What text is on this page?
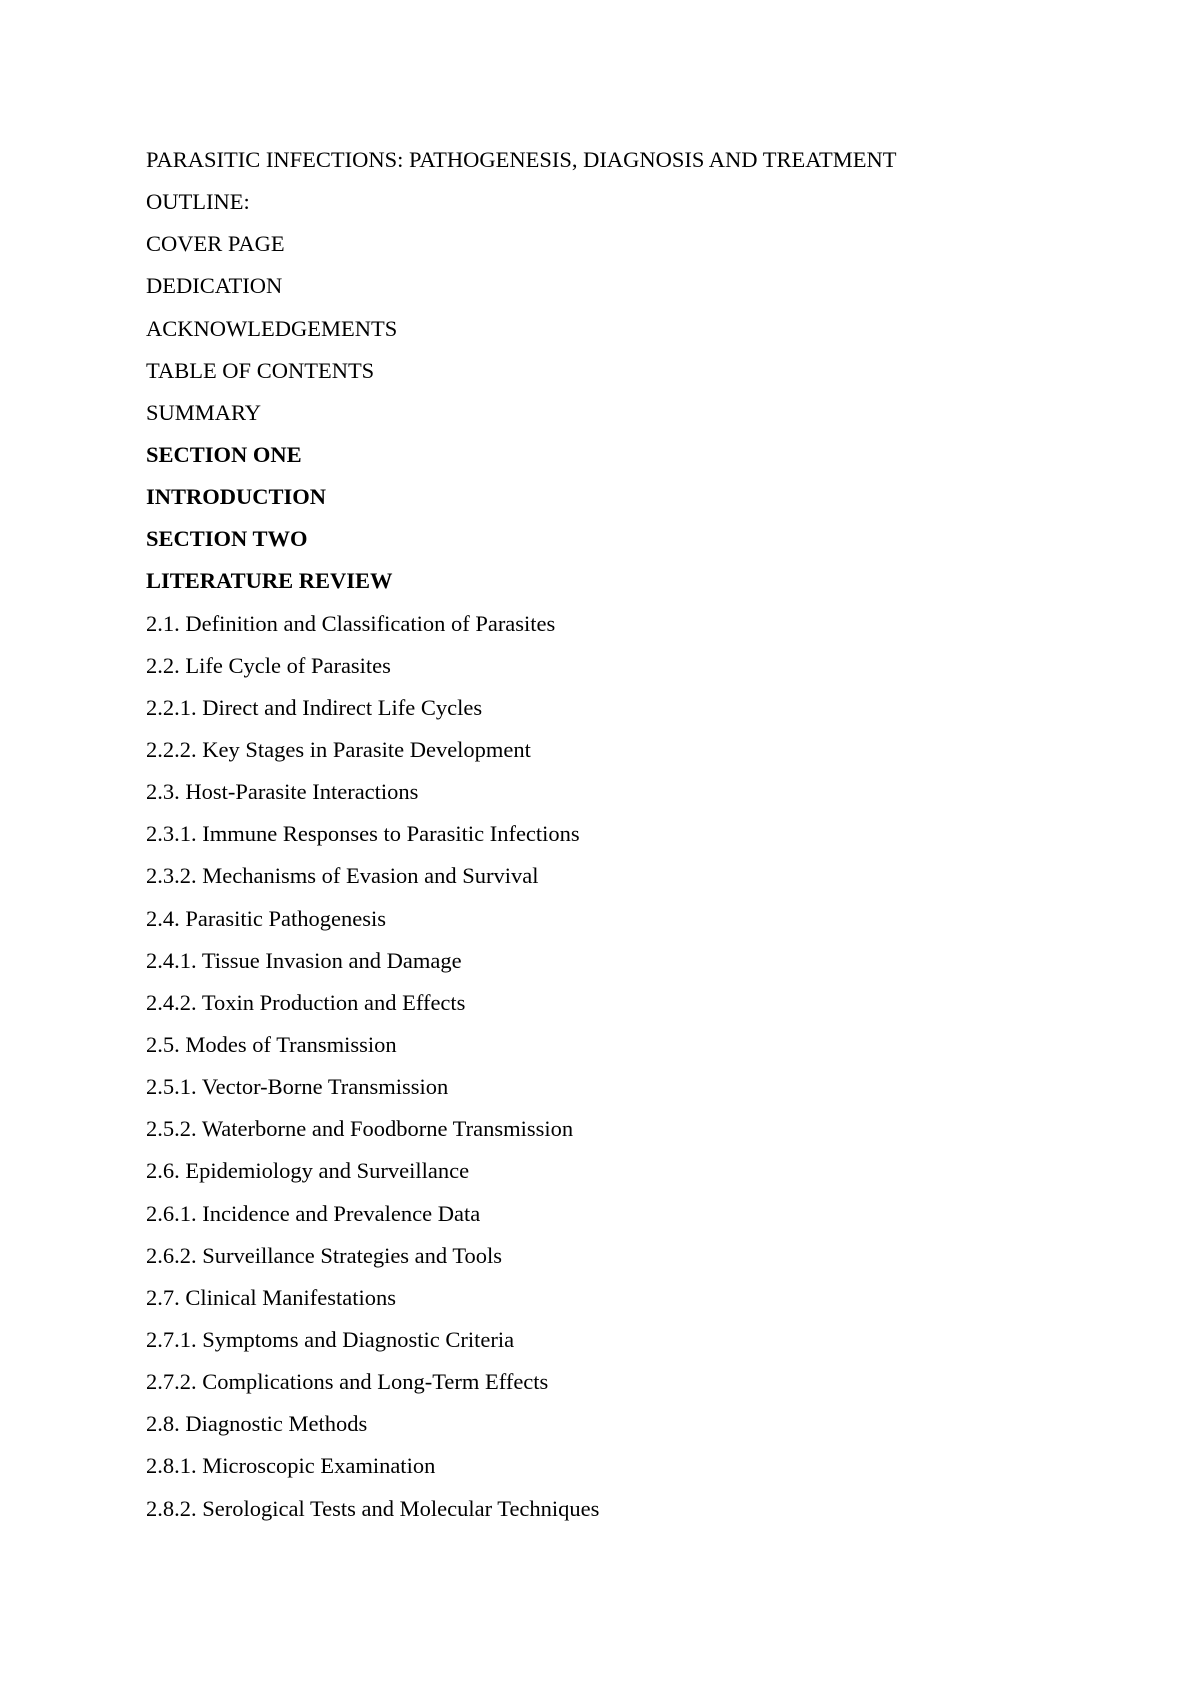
PARASITIC INFECTIONS: PATHOGENESIS, DIAGNOSIS AND TREATMENT
OUTLINE:
COVER PAGE
DEDICATION
ACKNOWLEDGEMENTS
TABLE OF CONTENTS
SUMMARY
SECTION ONE
INTRODUCTION
SECTION TWO
LITERATURE REVIEW
2.1. Definition and Classification of Parasites
2.2. Life Cycle of Parasites
2.2.1. Direct and Indirect Life Cycles
2.2.2. Key Stages in Parasite Development
2.3. Host-Parasite Interactions
2.3.1. Immune Responses to Parasitic Infections
2.3.2. Mechanisms of Evasion and Survival
2.4. Parasitic Pathogenesis
2.4.1. Tissue Invasion and Damage
2.4.2. Toxin Production and Effects
2.5. Modes of Transmission
2.5.1. Vector-Borne Transmission
2.5.2. Waterborne and Foodborne Transmission
2.6. Epidemiology and Surveillance
2.6.1. Incidence and Prevalence Data
2.6.2. Surveillance Strategies and Tools
2.7. Clinical Manifestations
2.7.1. Symptoms and Diagnostic Criteria
2.7.2. Complications and Long-Term Effects
2.8. Diagnostic Methods
2.8.1. Microscopic Examination
2.8.2. Serological Tests and Molecular Techniques
